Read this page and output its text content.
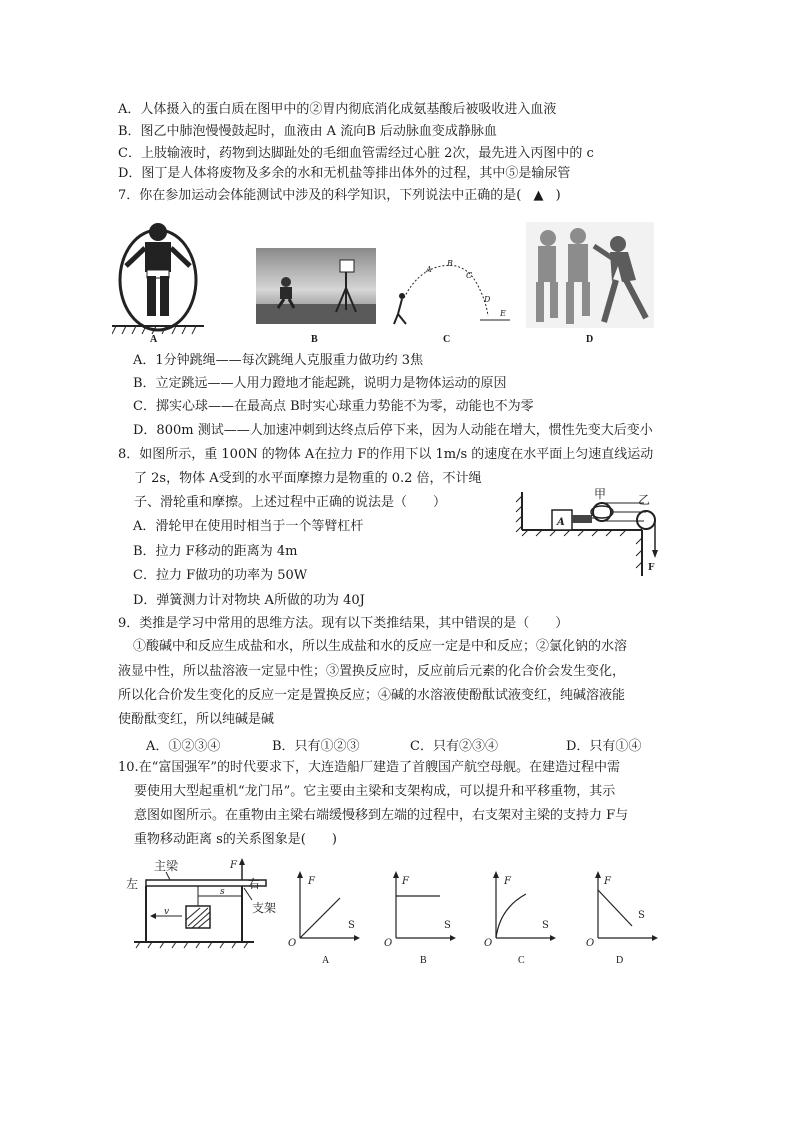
A．人体摄入的蛋白质在图甲中的②胃内彻底消化成氨基酸后被吸收进入血液
B．图乙中肺泡慢慢鼓起时，血液由 A 流向B 后动脉血变成静脉血
C．上肢输液时，药物到达脚趾处的毛细血管需经过心脏 2次，最先进入丙图中的 c
D．图丁是人体将废物及多余的水和无机盐等排出体外的过程，其中⑤是输尿管
7．你在参加运动会体能测试中涉及的科学知识，下列说法中正确的是( ▲ )
A	B
A
B
C
D
E
C	D
A．1分钟跳绳——每次跳绳人克服重力做功约 3焦
B．立定跳远——人用力蹬地才能起跳，说明力是物体运动的原因
C．掷实心球——在最高点 B时实心球重力势能不为零，动能也不为零
D．800m 测试——人加速冲刺到达终点后停下来，因为人动能在增大，惯性先变大后变小
8．如图所示，重 100N 的物体 A在拉力 F的作用下以 1m/s 的速度在水平面上匀速直线运动
了 2s，物体 A受到的水平面摩擦力是物重的 0.2 倍，不计绳
子、滑轮重和摩擦。上述过程中正确的说法是（　　）
A
甲	乙
F
A．滑轮甲在使用时相当于一个等臂杠杆
B．拉力 F移动的距离为 4m
C．拉力 F做功的功率为 50W
D．弹簧测力计对物块 A所做的功为 40J
9．类推是学习中常用的思维方法。现有以下类推结果，其中错误的是（　　）
①酸碱中和反应生成盐和水，所以生成盐和水的反应一定是中和反应；②氯化钠的水溶
液显中性，所以盐溶液一定显中性；③置换反应时，反应前后元素的化合价会发生变化，
所以化合价发生变化的反应一定是置换反应；④碱的水溶液使酚酞试液变红，纯碱溶液能
使酚酞变红，所以纯碱是碱
A．①②③④	B．只有①②③	C．只有②③④	D．只有①④
10.在“富国强军”的时代要求下，大连造船厂建造了首艘国产航空母舰。在建造过程中需
要使用大型起重机“龙门吊”。它主要由主梁和支架构成，可以提升和平移重物，其示
意图如图所示。在重物由主梁右端缓慢移到左端的过程中，右支架对主梁的支持力 F与
重物移动距离 s的关系图象是(　　)
主梁
左	右
支架
F
s
v
F
S
O
A
F
S
O
B
F
S
O
C
F
S
O
D
